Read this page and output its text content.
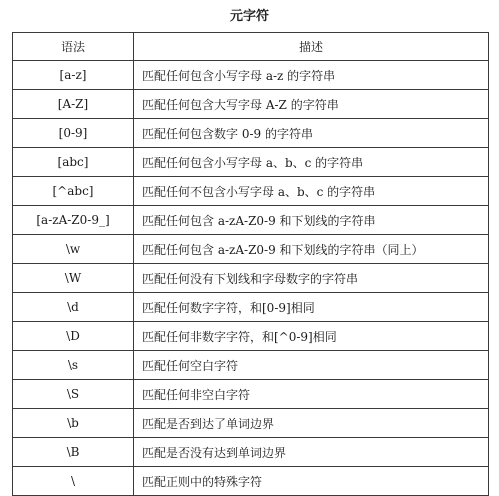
元字符
语法	描述
[a-z]	匹配任何包含小写字母 a-z 的字符串
[A-Z]	匹配任何包含大写字母 A-Z 的字符串
[0-9]	匹配任何包含数字 0-9 的字符串
[abc]	匹配任何包含小写字母 a、b、c 的字符串
[^abc]	匹配任何不包含小写字母 a、b、c 的字符串
[a-zA-Z0-9_]	匹配任何包含 a-zA-Z0-9 和下划线的字符串
\w	匹配任何包含 a-zA-Z0-9 和下划线的字符串（同上）
\W	匹配任何没有下划线和字母数字的字符串
\d	匹配任何数字字符，和[0-9]相同
\D	匹配任何非数字字符，和[^0-9]相同
\s	匹配任何空白字符
\S	匹配任何非空白字符
\b	匹配是否到达了单词边界
\B	匹配是否没有达到单词边界
\	匹配正则中的特殊字符
